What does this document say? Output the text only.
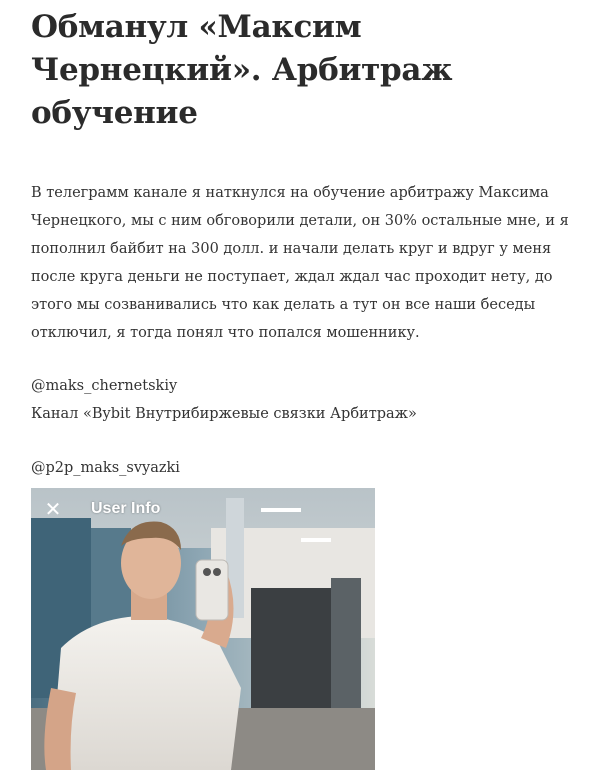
Обманул «Максим Чернецкий». Арбитраж обучение

В телеграмм канале я наткнулся на обучение арбитражу Максима Чернецкого, мы с ним обговорили детали, он 30% остальные мне, и я пополнил байбит на 300 долл. и начали делать круг и вдруг у меня после круга деньги не поступает, ждал ждал час проходит нету, до этого мы созванивались что как делать а тут он все наши беседы отключил, я тогда понял что попался мошеннику.

@maks_chernetskiy

Канал «Bybit Внутрибиржевые связки Арбитраж»

@p2p_maks_svyazki

✕	User Info
